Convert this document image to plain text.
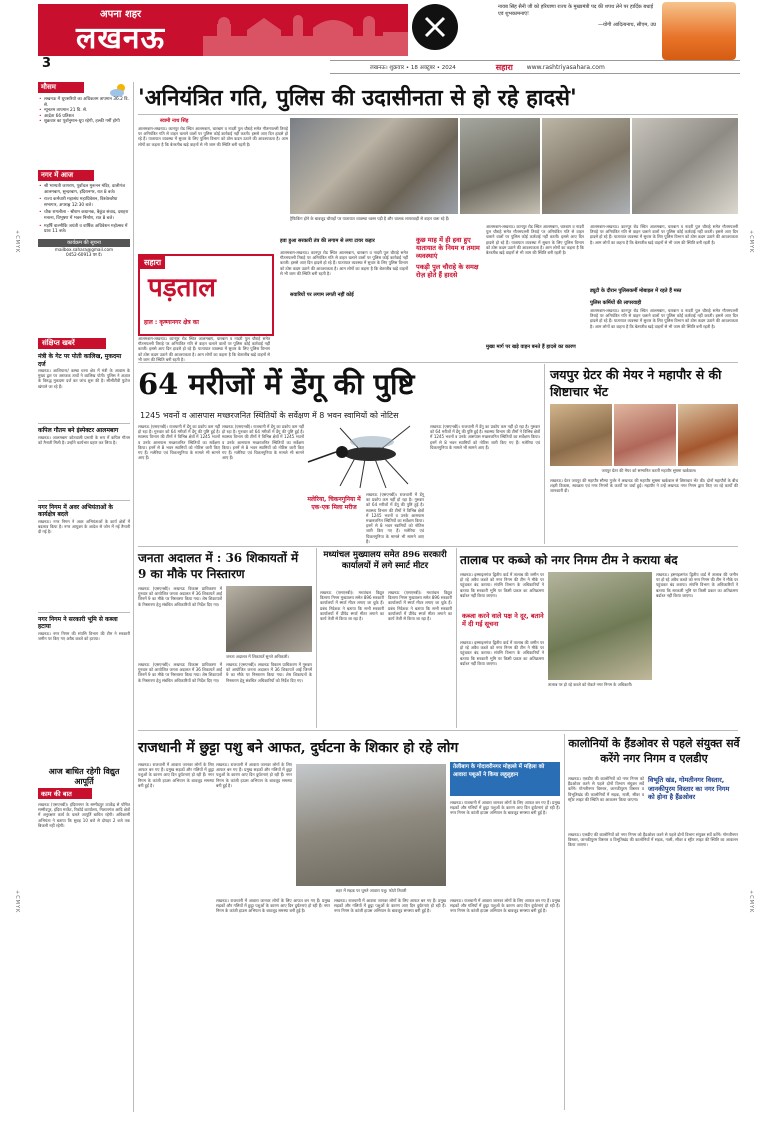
अपना शहर
लखनऊ
3
नायब सिंह सैनी जी को हरियाणा राज्य के मुख्यमंत्री पद की शपथ लेने पर हार्दिक बधाई एवं शुभकामनाएं!
—योगी आदित्यनाथ, सीएम, उप्र
लखनऊ। शुक्रवार • 18 अक्टूबर • 2024	सहारा www.rashtriyasahara.com
+CMYK	+CMYK
+CMYK	+CMYK
मौसम
• लखनऊ में धूपसरियो का अधिकतम तापमान 36.2 डि. से.
• न्यूनतम तापमान 21 डि. से.
• आर्द्रता 66 प्रतिशत
• शुक्रवार का पूर्वानुमान-धूप रहेगी, हल्की गर्मी होगी
नगर में आज
• श्री भाग्यती जागरण, पूर्वांचल मुरूनन मंदिर, डालीगंज आलमबाग, सुन्दरबाग, इंदिरानगर, रात 8 बजे।
• राज्य कर्मचारी महासंघ महाधिवेशन, विश्वेश्वरैया सभागार, अपराह्न 12:30 बजे।
• चौक रामलीला - श्रीराम कथानक, बैकुंठ संवाद, दशहरा मनाना, विभूषण में भवन निर्माण, रात 8 बजे।
• महर्षि वाल्मीकि जयंती व वार्षिक अधिवेशन महोत्सव में प्रातः 11 बजे।
कार्यक्रम की सूचना
mailbox.sahara@gmail.com
0452-60913 पर दें।
संक्षिप्त खबरें
मंत्री के गेट पर पोती कालिख, मुकदमा दर्ज
लखनऊ। आशियाना/ कस्बा थाना क्षेत्र में मंत्री के आवास के मुख्य द्वार पर अराजक तत्वों ने कालिख पोती। पुलिस ने अज्ञात के विरुद्ध मुकदमा दर्ज कर जांच शुरू की है। सीसीटीवी फुटेज खंगाले जा रहे हैं।
कपिल गौतम बने इंस्पेक्टर आलमबाग
लखनऊ। आलमबाग कोतवाली प्रभारी के रूप में कपिल गौतम को तैनाती मिली है। उन्होंने कार्यभार ग्रहण कर लिया है।
नगर निगम में अवर अभियंताओं के कार्यक्षेत्र बदले
लखनऊ। नगर निगम ने अवर अभियंताओं के कार्य क्षेत्रों में बदलाव किया है। नगर आयुक्त के आदेश से जोन में नई तैनाती दी गई है।
नगर निगम ने सरकारी भूमि से कब्जा हटाया
लखनऊ। नगर निगम की संपत्ति विभाग की टीम ने सरकारी जमीन पर किए गए अवैध कब्जे को हटाया।
आज बाधित रहेगी विद्युत आपूर्ति
काम की बात
लखनऊ (एसएनबी)। इंदिरानगर के सम्मीदपुर उपकेंद्र से पोषित सम्मीदपुर, इंदिरा मार्केट, रिकॉर्ड कार्यालय, निशातगंज आदि क्षेत्रों में अनुरक्षण कार्य के चलते आपूर्ति बाधित रहेगी। अधिशासी अभियंता ने बताया कि सुबह 10 बजे से दोपहर 2 बजे तक बिजली नहीं रहेगी।
'अनियंत्रित गति, पुलिस की उदासीनता से हो रहे हादसे'
स्वामी नाथ सिंह
आलमबाग-लखनऊ। कानपुर रोड स्थित आलमबाग, चारबाग व नादरी पुल चौराहे समेत गौतमपल्ली तिराहे पर अनियंत्रित गति से वाहन चलाने वालों पर पुलिस कोई कार्रवाई नहीं करती। इससे आए दिन हादसे हो रहे हैं। यातायात व्यवस्था में सुधार के लिए पुलिस विभाग को ठोस कदम उठाने की आवश्यकता है। आम लोगों का कहना है कि बेतरतीब खड़े वाहनों से भी जाम की स्थिति बनी रहती है।
ट्रैफिकिंग होने के बावजूद चौराहों पर यातायात व्यवस्था ध्वस्त पड़ी है और चालक लापरवाही से वाहन चला रहे हैं।
सहारा
पड़ताल
हाल : कृष्णानगर क्षेत्र का
आलमबाग-लखनऊ। कानपुर रोड स्थित आलमबाग, चारबाग व नादरी पुल चौराहे समेत गौतमपल्ली तिराहे पर अनियंत्रित गति से वाहन चलाने वालों पर पुलिस कोई कार्रवाई नहीं करती। इससे आए दिन हादसे हो रहे हैं। यातायात व्यवस्था में सुधार के लिए पुलिस विभाग को ठोस कदम उठाने की आवश्यकता है। आम लोगों का कहना है कि बेतरतीब खड़े वाहनों से भी जाम की स्थिति बनी रहती है।
हवा हुआ सरकारी तंत्र की लगाम से लगा टायर कहार
आलमबाग-लखनऊ। कानपुर रोड स्थित आलमबाग, चारबाग व नादरी पुल चौराहे समेत गौतमपल्ली तिराहे पर अनियंत्रित गति से वाहन चलाने वालों पर पुलिस कोई कार्रवाई नहीं करती। इससे आए दिन हादसे हो रहे हैं। यातायात व्यवस्था में सुधार के लिए पुलिस विभाग को ठोस कदम उठाने की आवश्यकता है। आम लोगों का कहना है कि बेतरतीब खड़े वाहनों से भी जाम की स्थिति बनी रहती है।
कुछ माह में ही हवा हुए यातायात के नियम व तमाम व्यवस्थाएं
पकड़ी पुल चौराहे के समक्ष रोज़ होते हैं हादसे
सवारियों पर लगाम लगती नहीं कोई
आलमबाग-लखनऊ। कानपुर रोड स्थित आलमबाग, चारबाग व नादरी पुल चौराहे समेत गौतमपल्ली तिराहे पर अनियंत्रित गति से वाहन चलाने वालों पर पुलिस कोई कार्रवाई नहीं करती। इससे आए दिन हादसे हो रहे हैं। यातायात व्यवस्था में सुधार के लिए पुलिस विभाग को ठोस कदम उठाने की आवश्यकता है। आम लोगों का कहना है कि बेतरतीब खड़े वाहनों से भी जाम की स्थिति बनी रहती है।
मुख्य मार्ग पर खड़े वाहन बनते हैं हादसे का कारण
आलमबाग-लखनऊ। कानपुर रोड स्थित आलमबाग, चारबाग व नादरी पुल चौराहे समेत गौतमपल्ली तिराहे पर अनियंत्रित गति से वाहन चलाने वालों पर पुलिस कोई कार्रवाई नहीं करती। इससे आए दिन हादसे हो रहे हैं। यातायात व्यवस्था में सुधार के लिए पुलिस विभाग को ठोस कदम उठाने की आवश्यकता है। आम लोगों का कहना है कि बेतरतीब खड़े वाहनों से भी जाम की स्थिति बनी रहती है।
ड्यूटी के दौरान पुलिसकर्मी मोबाइल में रहते हैं मस्त
पुलिस कर्मियों की लापरवाही
आलमबाग-लखनऊ। कानपुर रोड स्थित आलमबाग, चारबाग व नादरी पुल चौराहे समेत गौतमपल्ली तिराहे पर अनियंत्रित गति से वाहन चलाने वालों पर पुलिस कोई कार्रवाई नहीं करती। इससे आए दिन हादसे हो रहे हैं। यातायात व्यवस्था में सुधार के लिए पुलिस विभाग को ठोस कदम उठाने की आवश्यकता है। आम लोगों का कहना है कि बेतरतीब खड़े वाहनों से भी जाम की स्थिति बनी रहती है।
64 मरीजों में डेंगू की पुष्टि
1245 भवनों व आसपास मच्छरजनित स्थितियों के सर्वेक्षण में 8 भवन स्वामियों को नोटिस
लखनऊ (एसएनबी)। राजधानी में डेंगू का प्रकोप कम नहीं हो रहा है। गुरुवार को 64 मरीजों में डेंगू की पुष्टि हुई है। स्वास्थ्य विभाग की टीमों ने विभिन्न क्षेत्रों में 1245 भवनों व उनके आसपास मच्छरजनित स्थितियों का सर्वेक्षण किया। इनमें से 8 भवन स्वामियों को नोटिस जारी किए गए हैं। मलेरिया एवं चिकनगुनिया के मामले भी सामने आए हैं।
लखनऊ (एसएनबी)। राजधानी में डेंगू का प्रकोप कम नहीं हो रहा है। गुरुवार को 64 मरीजों में डेंगू की पुष्टि हुई है। स्वास्थ्य विभाग की टीमों ने विभिन्न क्षेत्रों में 1245 भवनों व उनके आसपास मच्छरजनित स्थितियों का सर्वेक्षण किया। इनमें से 8 भवन स्वामियों को नोटिस जारी किए गए हैं। मलेरिया एवं चिकनगुनिया के मामले भी सामने आए हैं।
मलेरिया, चिकनगुनिया में एक-एक मिला मरीज
लखनऊ (एसएनबी)। राजधानी में डेंगू का प्रकोप कम नहीं हो रहा है। गुरुवार को 64 मरीजों में डेंगू की पुष्टि हुई है। स्वास्थ्य विभाग की टीमों ने विभिन्न क्षेत्रों में 1245 भवनों व उनके आसपास मच्छरजनित स्थितियों का सर्वेक्षण किया। इनमें से 8 भवन स्वामियों को नोटिस जारी किए गए हैं। मलेरिया एवं चिकनगुनिया के मामले भी सामने आए हैं।
लखनऊ (एसएनबी)। राजधानी में डेंगू का प्रकोप कम नहीं हो रहा है। गुरुवार को 64 मरीजों में डेंगू की पुष्टि हुई है। स्वास्थ्य विभाग की टीमों ने विभिन्न क्षेत्रों में 1245 भवनों व उनके आसपास मच्छरजनित स्थितियों का सर्वेक्षण किया। इनमें से 8 भवन स्वामियों को नोटिस जारी किए गए हैं। मलेरिया एवं चिकनगुनिया के मामले भी सामने आए हैं।
जयपुर ग्रेटर की मेयर ने महापौर से की शिष्टाचार भेंट
जयपुर ग्रेटर की मेयर को सम्मानित करतीं महापौर सुषमा खर्कवाल।
लखनऊ। ग्रेटर जयपुर की महापौर सौम्या गुर्जर ने लखनऊ की महापौर सुषमा खर्कवाल से शिष्टाचार भेंट की। दोनों महापौरों के बीच शहरी विकास, स्वच्छता एवं नगर निगमों के कार्यों पर चर्चा हुई। महापौर ने उन्हें लखनऊ नगर निगम द्वारा किए जा रहे कार्यों की जानकारी दी।
जनता अदालत में : 36 शिकायतों में 9 का मौके पर निस्तारण
लखनऊ (एसएनबी)। लखनऊ विकास प्राधिकरण में गुरुवार को आयोजित जनता अदालत में 36 शिकायतें आईं जिनमें 9 का मौके पर निस्तारण किया गया। शेष शिकायतों के निस्तारण हेतु संबंधित अधिकारियों को निर्देश दिए गए।
जनता अदालत में शिकायतें सुनते अधिकारी।
लखनऊ (एसएनबी)। लखनऊ विकास प्राधिकरण में गुरुवार को आयोजित जनता अदालत में 36 शिकायतें आईं जिनमें 9 का मौके पर निस्तारण किया गया। शेष शिकायतों के निस्तारण हेतु संबंधित अधिकारियों को निर्देश दिए गए।
लखनऊ (एसएनबी)। लखनऊ विकास प्राधिकरण में गुरुवार को आयोजित जनता अदालत में 36 शिकायतें आईं जिनमें 9 का मौके पर निस्तारण किया गया। शेष शिकायतों के निस्तारण हेतु संबंधित अधिकारियों को निर्देश दिए गए।
मध्यांचल मुख्यालय समेत 896 सरकारी कार्यालयों में लगे स्मार्ट मीटर
लखनऊ (एसएनबी)। मध्यांचल विद्युत वितरण निगम मुख्यालय समेत 896 सरकारी कार्यालयों में स्मार्ट मीटर लगाए जा चुके हैं। प्रबंध निदेशक ने बताया कि सभी सरकारी कार्यालयों में प्रीपेड स्मार्ट मीटर लगाने का कार्य तेजी से किया जा रहा है।
लखनऊ (एसएनबी)। मध्यांचल विद्युत वितरण निगम मुख्यालय समेत 896 सरकारी कार्यालयों में स्मार्ट मीटर लगाए जा चुके हैं। प्रबंध निदेशक ने बताया कि सभी सरकारी कार्यालयों में प्रीपेड स्मार्ट मीटर लगाने का कार्य तेजी से किया जा रहा है।
तालाब पर कब्जे को नगर निगम टीम ने कराया बंद
लखनऊ। इस्माइलगंज द्वितीय वार्ड में तालाब की जमीन पर हो रहे अवैध कब्जे को नगर निगम की टीम ने मौके पर पहुंचकर बंद कराया। संपत्ति विभाग के अधिकारियों ने बताया कि सरकारी भूमि पर किसी प्रकार का अतिक्रमण बर्दाश्त नहीं किया जाएगा।
कब्जा करने वाले पक्ष ने दूर, बताने में दी गई सूचना
लखनऊ। इस्माइलगंज द्वितीय वार्ड में तालाब की जमीन पर हो रहे अवैध कब्जे को नगर निगम की टीम ने मौके पर पहुंचकर बंद कराया। संपत्ति विभाग के अधिकारियों ने बताया कि सरकारी भूमि पर किसी प्रकार का अतिक्रमण बर्दाश्त नहीं किया जाएगा।
तालाब पर हो रहे कब्जे को रोकते नगर निगम के अधिकारी।
लखनऊ। इस्माइलगंज द्वितीय वार्ड में तालाब की जमीन पर हो रहे अवैध कब्जे को नगर निगम की टीम ने मौके पर पहुंचकर बंद कराया। संपत्ति विभाग के अधिकारियों ने बताया कि सरकारी भूमि पर किसी प्रकार का अतिक्रमण बर्दाश्त नहीं किया जाएगा।
राजधानी में छुट्टा पशु बने आफत, दुर्घटना के शिकार हो रहे लोग
लखनऊ। राजधानी में आवारा जानवर लोगों के लिए आफत बन गए हैं। प्रमुख सड़कों और गलियों में छुट्टा पशुओं के कारण आए दिन दुर्घटनाएं हो रही हैं। नगर निगम के कांजी हाउस अभियान के बावजूद समस्या बनी हुई है।
लखनऊ। राजधानी में आवारा जानवर लोगों के लिए आफत बन गए हैं। प्रमुख सड़कों और गलियों में छुट्टा पशुओं के कारण आए दिन दुर्घटनाएं हो रही हैं। नगर निगम के कांजी हाउस अभियान के बावजूद समस्या बनी हुई है।
शहर में सड़क पर घूमते आवारा पशु। फोटो तिवारी
तेलीबाग के गोदावरीनगर मोहल्ले में महिला को आवारा पशुओं ने किया लहूलुहान
लखनऊ। राजधानी में आवारा जानवर लोगों के लिए आफत बन गए हैं। प्रमुख सड़कों और गलियों में छुट्टा पशुओं के कारण आए दिन दुर्घटनाएं हो रही हैं। नगर निगम के कांजी हाउस अभियान के बावजूद समस्या बनी हुई है।
लखनऊ। राजधानी में आवारा जानवर लोगों के लिए आफत बन गए हैं। प्रमुख सड़कों और गलियों में छुट्टा पशुओं के कारण आए दिन दुर्घटनाएं हो रही हैं। नगर निगम के कांजी हाउस अभियान के बावजूद समस्या बनी हुई है।
लखनऊ। राजधानी में आवारा जानवर लोगों के लिए आफत बन गए हैं। प्रमुख सड़कों और गलियों में छुट्टा पशुओं के कारण आए दिन दुर्घटनाएं हो रही हैं। नगर निगम के कांजी हाउस अभियान के बावजूद समस्या बनी हुई है।
लखनऊ। राजधानी में आवारा जानवर लोगों के लिए आफत बन गए हैं। प्रमुख सड़कों और गलियों में छुट्टा पशुओं के कारण आए दिन दुर्घटनाएं हो रही हैं। नगर निगम के कांजी हाउस अभियान के बावजूद समस्या बनी हुई है।
कालोनियों के हैंडओवर से पहले संयुक्त सर्वे करेंगे नगर निगम व एलडीए
लखनऊ। एलडीए की कालोनियों को नगर निगम को हैंडओवर करने से पहले दोनों विभाग संयुक्त सर्वे करेंगे। गोमतीनगर विस्तार, जानकीपुरम विस्तार व विभूतिखंड की कालोनियों में सड़क, नाली, सीवर व स्ट्रीट लाइट की स्थिति का आकलन किया जाएगा।
विभूति खंड, गोमतीनगर विस्तार, जानकीपुरम विस्तार का नगर निगम को होना है हैंडओवर
लखनऊ। एलडीए की कालोनियों को नगर निगम को हैंडओवर करने से पहले दोनों विभाग संयुक्त सर्वे करेंगे। गोमतीनगर विस्तार, जानकीपुरम विस्तार व विभूतिखंड की कालोनियों में सड़क, नाली, सीवर व स्ट्रीट लाइट की स्थिति का आकलन किया जाएगा।
